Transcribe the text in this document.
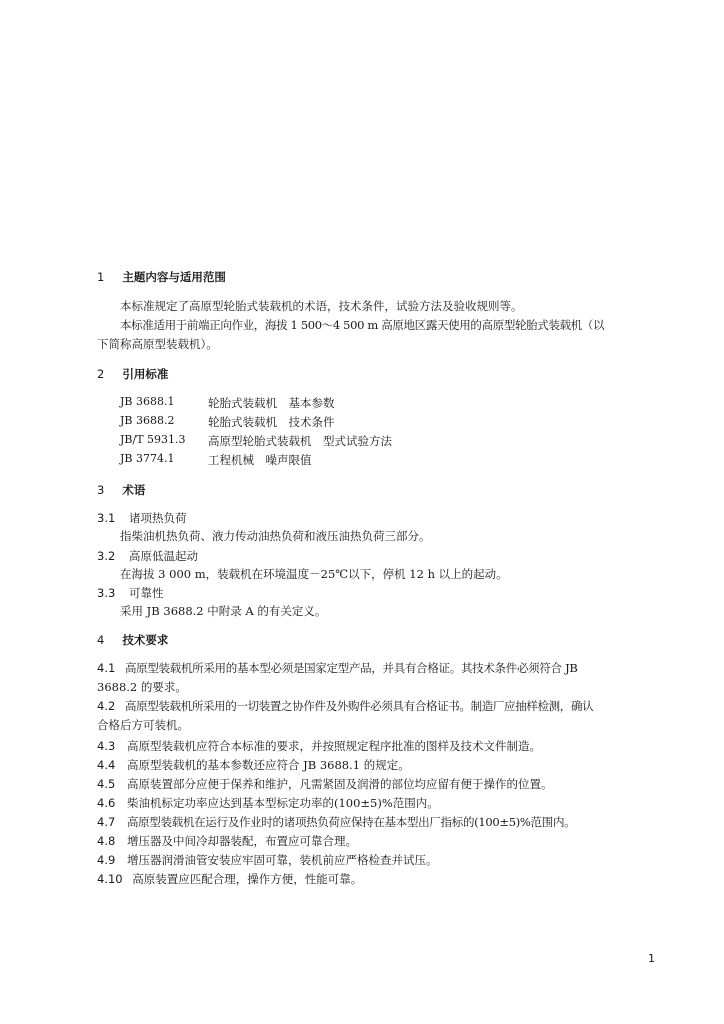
1 主题内容与适用范围
本标准规定了高原型轮胎式装载机的术语，技术条件，试验方法及验收规则等。
本标准适用于前端正向作业，海拔 1 500～4 500 m 高原地区露天使用的高原型轮胎式装载机（以
下简称高原型装载机）。
2 引用标准
JB 3688.1	轮胎式装载机　基本参数
JB 3688.2	轮胎式装载机　技术条件
JB/T 5931.3 高原型轮胎式装载机　型式试验方法
JB 3774.1	工程机械　噪声限值
3 术语
3.1 诸项热负荷
指柴油机热负荷、液力传动油热负荷和液压油热负荷三部分。
3.2 高原低温起动
在海拔 3 000 m，装载机在环境温度－25℃以下，停机 12 h 以上的起动。
3.3 可靠性
采用 JB 3688.2 中附录 A 的有关定义。
4 技术要求
4.1 高原型装载机所采用的基本型必须是国家定型产品，并具有合格证。其技术条件必须符合 JB
3688.2 的要求。
4.2 高原型装载机所采用的一切装置之协作件及外购件必须具有合格证书。制造厂应抽样检测，确认
合格后方可装机。
4.3 高原型装载机应符合本标准的要求，并按照规定程序批准的图样及技术文件制造。
4.4 高原型装载机的基本参数还应符合 JB 3688.1 的规定。
4.5 高原装置部分应便于保养和维护，凡需紧固及润滑的部位均应留有便于操作的位置。
4.6 柴油机标定功率应达到基本型标定功率的(100±5)%范围内。
4.7 高原型装载机在运行及作业时的诸项热负荷应保持在基本型出厂指标的(100±5)%范围内。
4.8 增压器及中间冷却器装配，布置应可靠合理。
4.9 增压器润滑油管安装应牢固可靠，装机前应严格检查并试压。
4.10 高原装置应匹配合理，操作方便，性能可靠。
1
